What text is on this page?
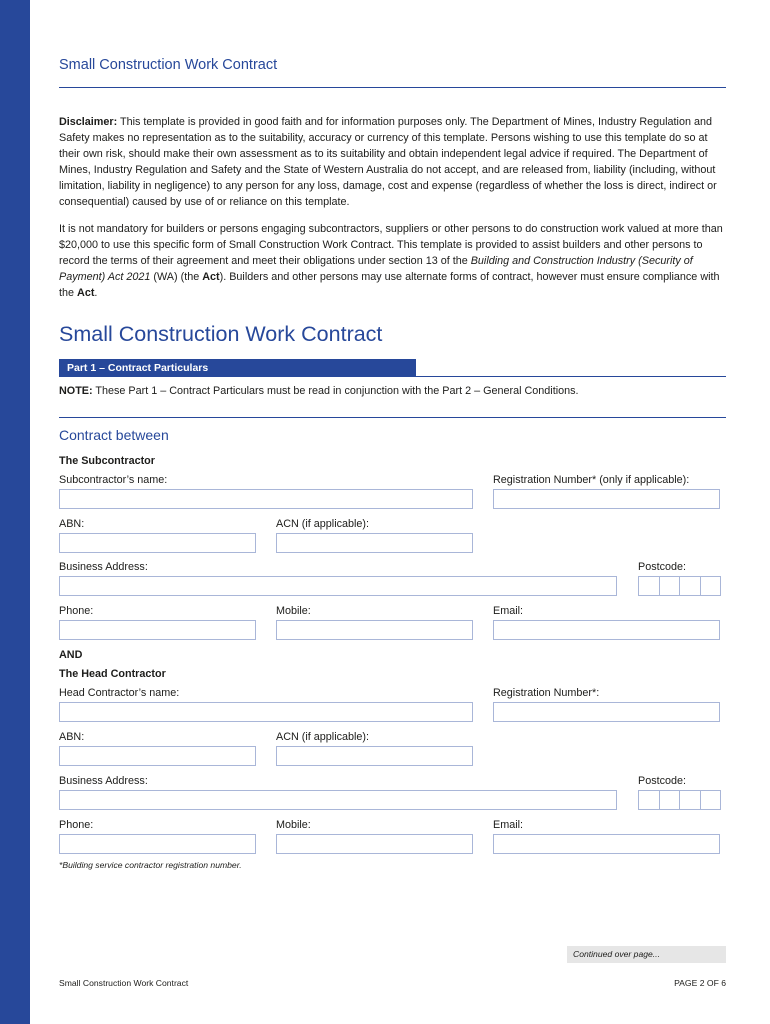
Small Construction Work Contract
Disclaimer: This template is provided in good faith and for information purposes only. The Department of Mines, Industry Regulation and Safety makes no representation as to the suitability, accuracy or currency of this template. Persons wishing to use this template do so at their own risk, should make their own assessment as to its suitability and obtain independent legal advice if required. The Department of Mines, Industry Regulation and Safety and the State of Western Australia do not accept, and are released from, liability (including, without limitation, liability in negligence) to any person for any loss, damage, cost and expense (regardless of whether the loss is direct, indirect or consequential) caused by use of or reliance on this template.
It is not mandatory for builders or persons engaging subcontractors, suppliers or other persons to do construction work valued at more than $20,000 to use this specific form of Small Construction Work Contract. This template is provided to assist builders and other persons to record the terms of their agreement and meet their obligations under section 13 of the Building and Construction Industry (Security of Payment) Act 2021 (WA) (the Act). Builders and other persons may use alternate forms of contract, however must ensure compliance with the Act.
Small Construction Work Contract
Part 1 – Contract Particulars
NOTE: These Part 1 – Contract Particulars must be read in conjunction with the Part 2 – General Conditions.
Contract between
The Subcontractor
Subcontractor’s name:	Registration Number* (only if applicable):
ABN:	ACN (if applicable):
Business Address:	Postcode:
Phone:	Mobile:	Email:
AND
The Head Contractor
Head Contractor’s name:	Registration Number*:
ABN:	ACN (if applicable):
Business Address:	Postcode:
Phone:	Mobile:	Email:
*Building service contractor registration number.
Continued over page...
Small Construction Work Contract	PAGE 2 OF 6
